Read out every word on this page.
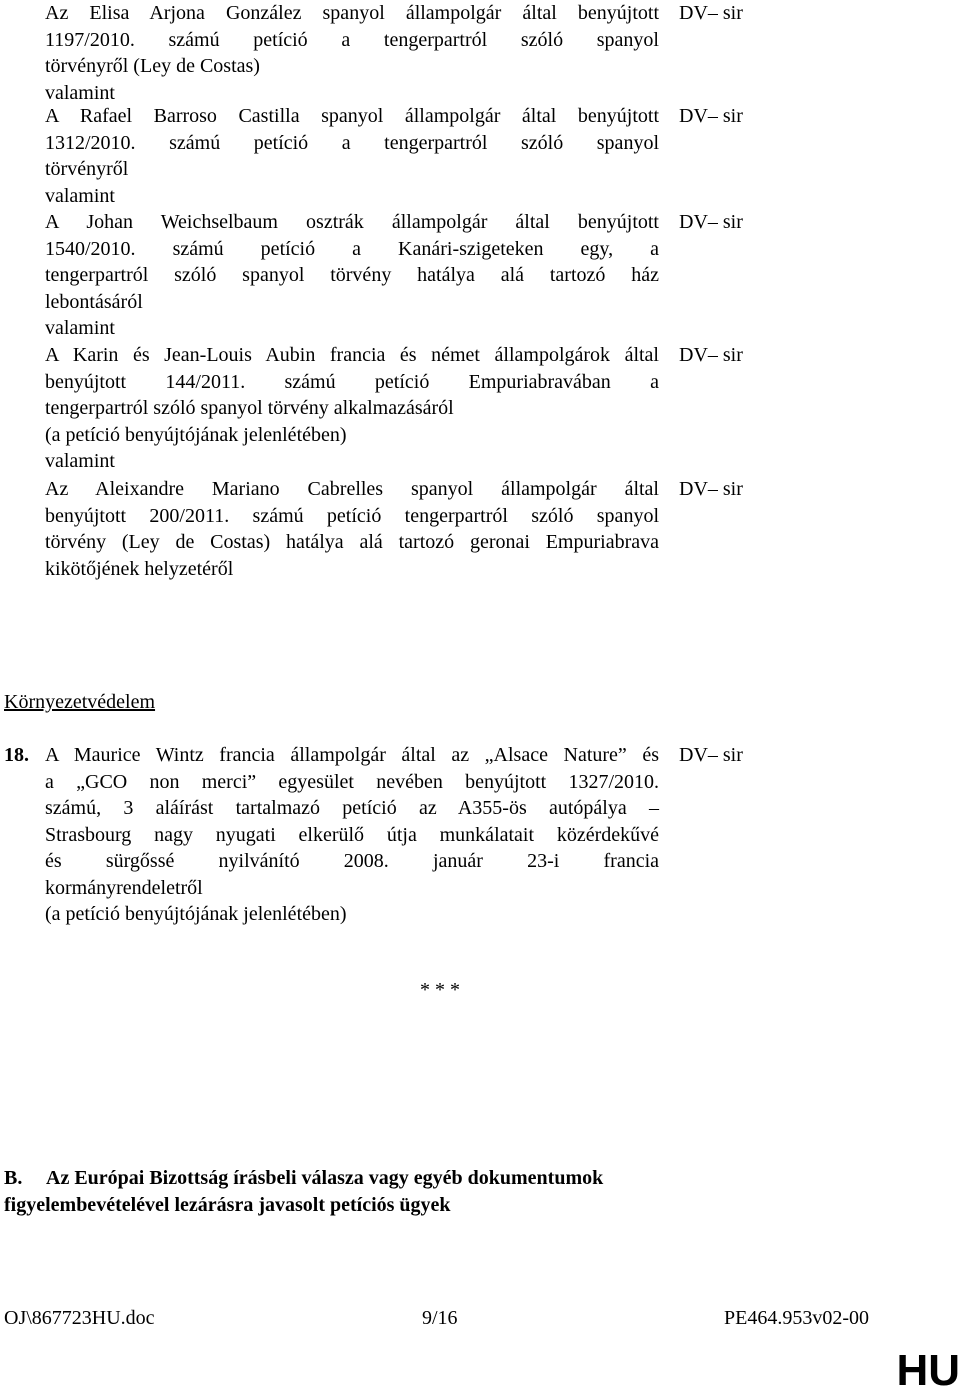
Az Elisa Arjona González spanyol állampolgár által benyújtott
1197/2010. számú petíció a tengerpartról szóló spanyol
törvényről (Ley de Costas)
valamint

DV– sir

A Rafael Barroso Castilla spanyol állampolgár által benyújtott
1312/2010. számú petíció a tengerpartról szóló spanyol
törvényről
valamint

DV– sir

A Johan Weichselbaum osztrák állampolgár által benyújtott
1540/2010. számú petíció a Kanári-szigeteken egy, a
tengerpartról szóló spanyol törvény hatálya alá tartozó ház
lebontásáról
valamint

DV– sir

A Karin és Jean-Louis Aubin francia és német állampolgárok által
benyújtott 144/2011. számú petíció Empuriabravában a
tengerpartról szóló spanyol törvény alkalmazásáról
(a petíció benyújtójának jelenlétében)
valamint

DV– sir

Az Aleixandre Mariano Cabrelles spanyol állampolgár által
benyújtott 200/2011. számú petíció tengerpartról szóló spanyol
törvény (Ley de Costas) hatálya alá tartozó geronai Empuriabrava
kikötőjének helyzetéről

DV– sir
Környezetvédelem
18. A Maurice Wintz francia állampolgár által az „Alsace Nature” és
a „GCO non merci” egyesület nevében benyújtott 1327/2010.
számú, 3 aláírást tartalmazó petíció az A355-ös autópálya –
Strasbourg nagy nyugati elkerülő útja munkálatait közérdekűvé
és sürgőssé nyilvánító 2008. január 23-i francia
kormányrendeletről
(a petíció benyújtójának jelenlétében)

DV– sir
* * *
B. Az Európai Bizottság írásbeli válasza vagy egyéb dokumentumok
figyelembevételével lezárásra javasolt petíciós ügyek
OJ\867723HU.doc	9/16	PE464.953v02-00
HU
